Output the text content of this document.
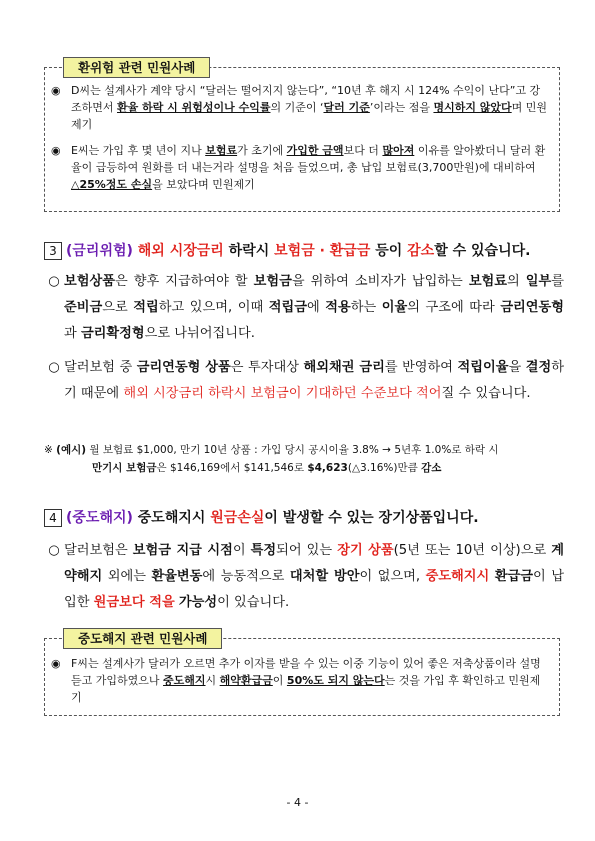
환위험 관련 민원사례
◉ D씨는 설계사가 계약 당시 “달러는 떨어지지 않는다”, “10년 후 해지 시 124% 수익이 난다”고 강조하면서 환율 하락 시 위험성이나 수익률의 기준이 ‘달러 기준’이라는 점을 명시하지 않았다며 민원제기
◉ E씨는 가입 후 몇 년이 지나 보험료가 초기에 가입한 금액보다 더 많아져 이유를 알아봤더니 달러 환율이 급등하여 원화를 더 내는거라 설명을 처음 들었으며, 총 납입 보험료(3,700만원)에 대비하여 △25%정도 손실을 보았다며 민원제기
3 (금리위험) 해외 시장금리 하락시 보험금 · 환급금 등이 감소할 수 있습니다.
○ 보험상품은 향후 지급하여야 할 보험금을 위하여 소비자가 납입하는 보험료의 일부를 준비금으로 적립하고 있으며, 이때 적립금에 적용하는 이율의 구조에 따라 금리연동형과 금리확정형으로 나뉘어집니다.
○ 달러보험 중 금리연동형 상품은 투자대상 해외채권 금리를 반영하여 적립이율을 결정하기 때문에 해외 시장금리 하락시 보험금이 기대하던 수준보다 적어질 수 있습니다.
※ (예시) 월 보험료 $1,000, 만기 10년 상품 : 가입 당시 공시이율 3.8% → 5년후 1.0%로 하락 시
만기시 보험금은 $146,169에서 $141,546로 $4,623(△3.16%)만큼 감소
4 (중도해지) 중도해지시 원금손실이 발생할 수 있는 장기상품입니다.
○ 달러보험은 보험금 지급 시점이 특정되어 있는 장기 상품(5년 또는 10년 이상)으로 계약해지 외에는 환율변동에 능동적으로 대처할 방안이 없으며, 중도해지시 환급금이 납입한 원금보다 적을 가능성이 있습니다.
중도해지 관련 민원사례
◉ F씨는 설계사가 달러가 오르면 추가 이자를 받을 수 있는 이중 기능이 있어 좋은 저축상품이라 설명듣고 가입하였으나 중도해지시 해약환급금이 50%도 되지 않는다는 것을 가입 후 확인하고 민원제기
- 4 -
